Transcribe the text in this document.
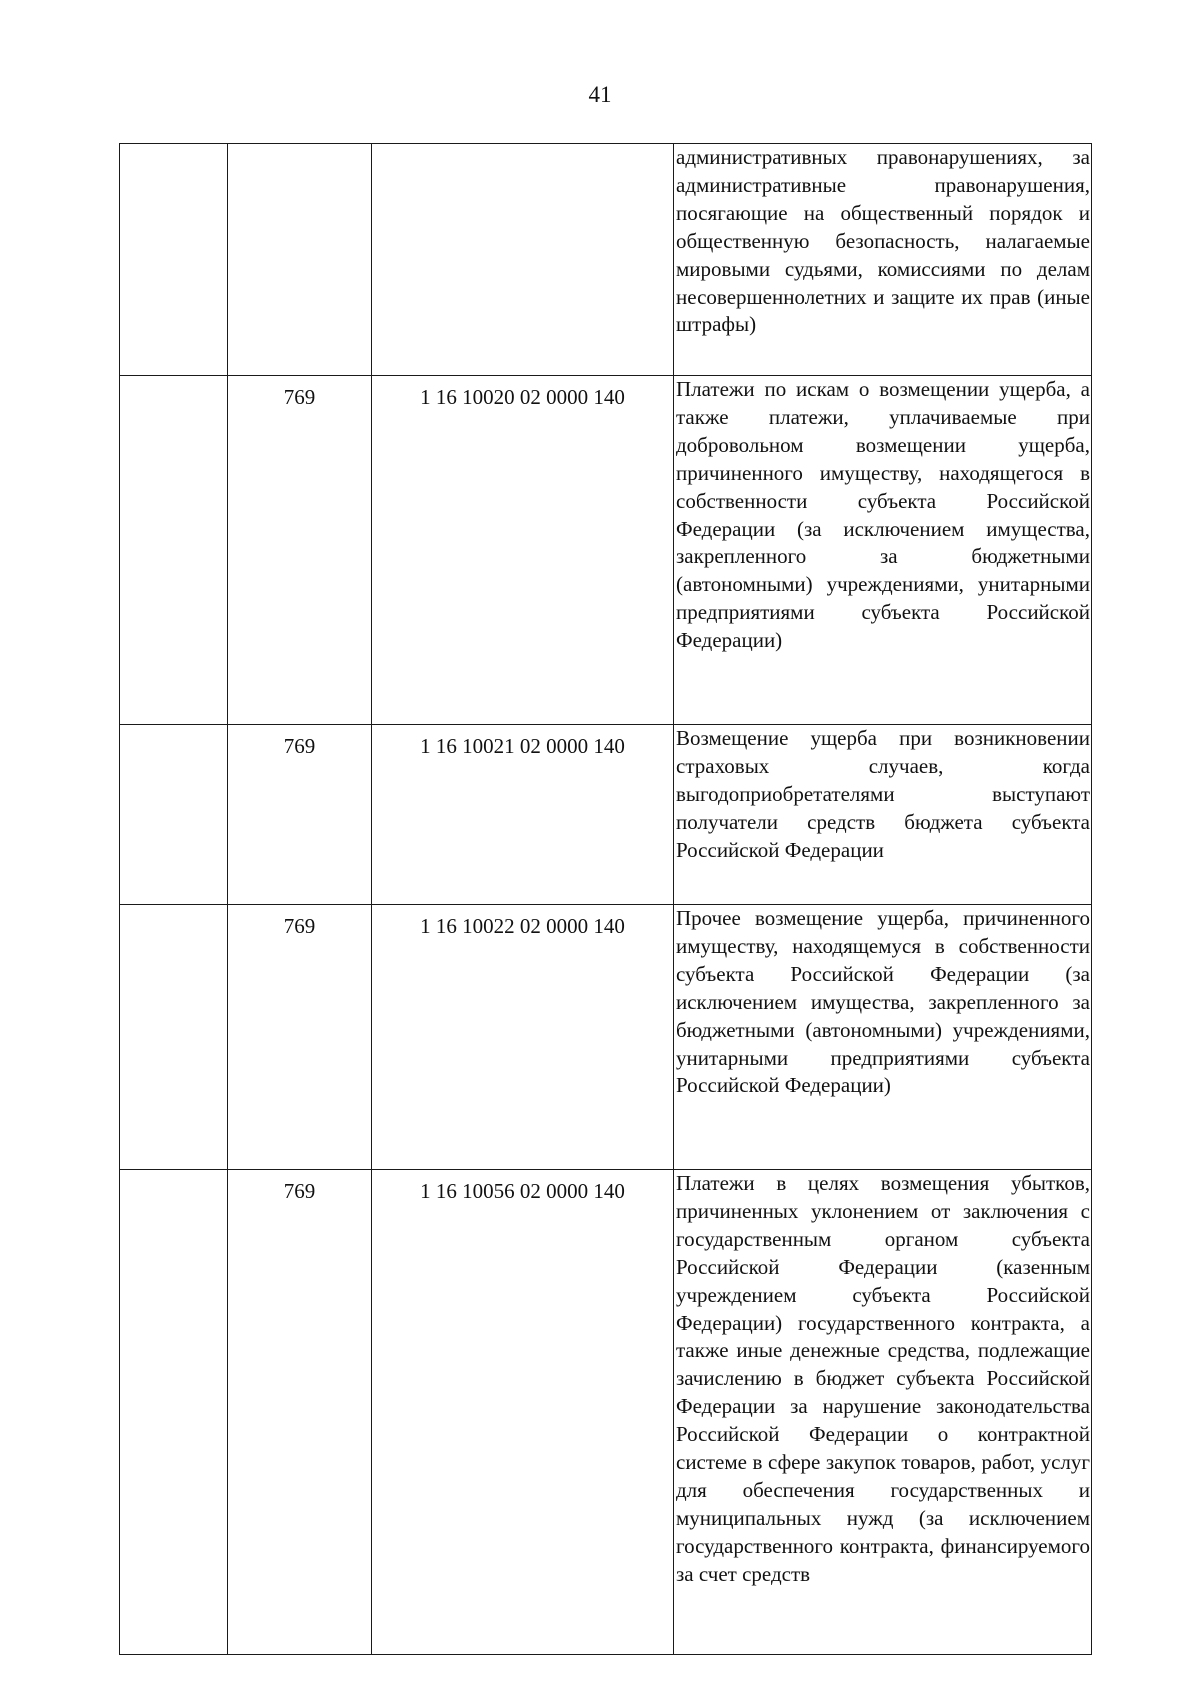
41
			административных правонарушениях, за административные правонарушения, посягающие на общественный порядок и общественную безопасность, налагаемые мировыми судьями, комиссиями по делам несовершеннолетних и защите их прав (иные штрафы)
	769	1 16 10020 02 0000 140	Платежи по искам о возмещении ущерба, а также платежи, уплачиваемые при добровольном возмещении ущерба, причиненного имуществу, находящегося в собственности субъекта Российской Федерации (за исключением имущества, закрепленного за бюджетными (автономными) учреждениями, унитарными предприятиями субъекта Российской Федерации)
	769	1 16 10021 02 0000 140	Возмещение ущерба при возникновении страховых случаев, когда выгодоприобретателями выступают получатели средств бюджета субъекта Российской Федерации
	769	1 16 10022 02 0000 140	Прочее возмещение ущерба, причиненного имуществу, находящемуся в собственности субъекта Российской Федерации (за исключением имущества, закрепленного за бюджетными (автономными) учреждениями, унитарными предприятиями субъекта Российской Федерации)
	769	1 16 10056 02 0000 140	Платежи в целях возмещения убытков, причиненных уклонением от заключения с государственным органом субъекта Российской Федерации (казенным учреждением субъекта Российской Федерации) государственного контракта, а также иные денежные средства, подлежащие зачислению в бюджет субъекта Российской Федерации за нарушение законодательства Российской Федерации о контрактной системе в сфере закупок товаров, работ, услуг для обеспечения государственных и муниципальных нужд (за исключением государственного контракта, финансируемого за счет средств
